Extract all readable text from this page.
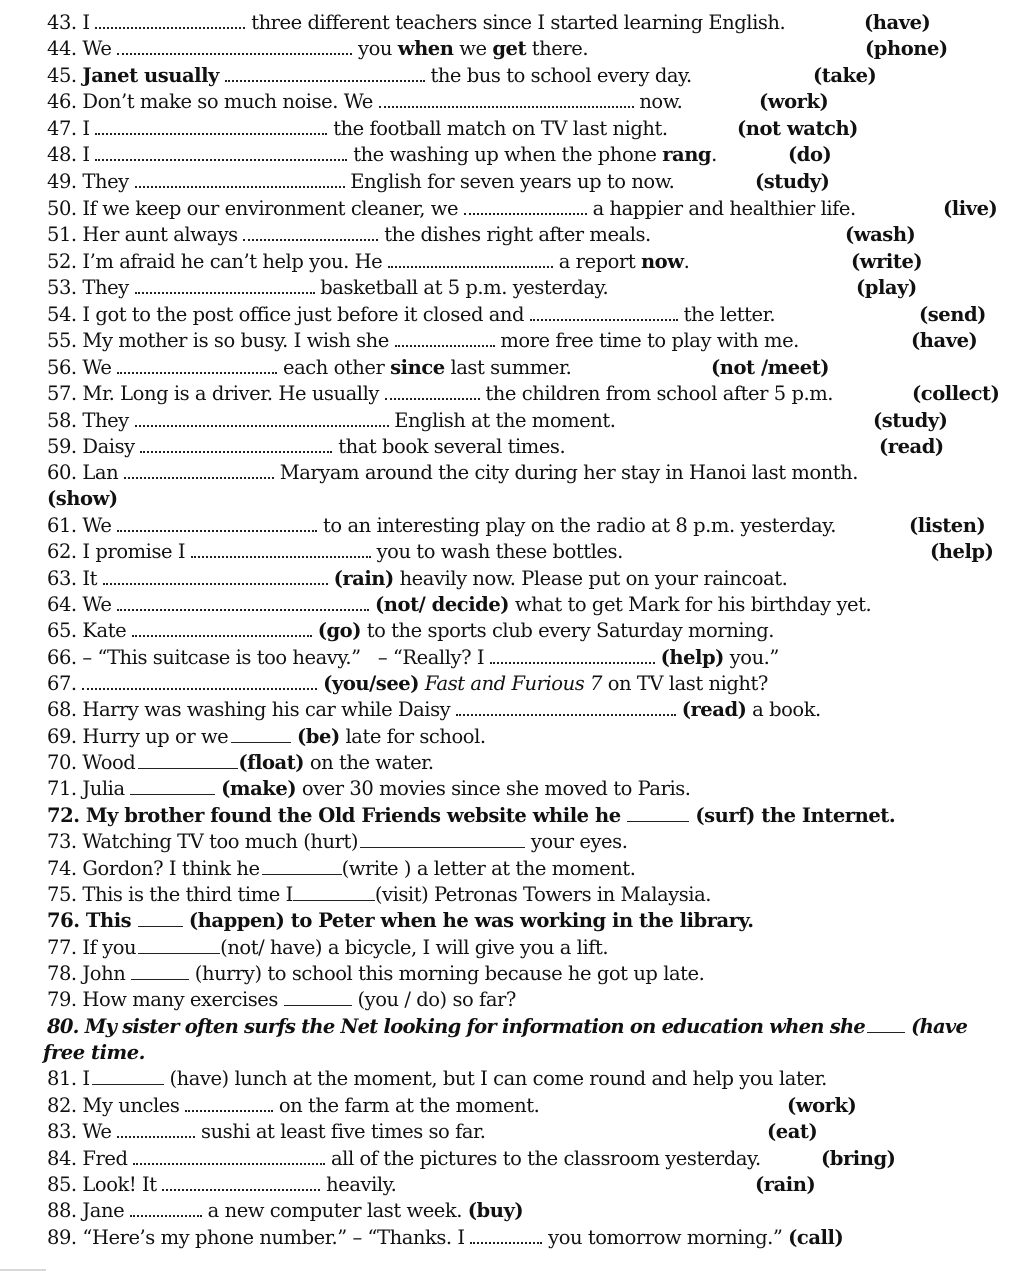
43. I	three different teachers since I started learning English.	(have)
44. We	you when we get there.	(phone)
45. Janet usually	the bus to school every day.	(take)
46. Don’t make so much noise. We	now.	(work)
47. I	the football match on TV last night.	(not watch)
48. I	the washing up when the phone rang.	(do)
49. They	English for seven years up to now.	(study)
50. If we keep our environment cleaner, we	a happier and healthier life.	(live)
51. Her aunt always	the dishes right after meals.	(wash)
52. I’m afraid he can’t help you. He	a report now.	(write)
53. They	basketball at 5 p.m. yesterday.	(play)
54. I got to the post office just before it closed and	the letter.	(send)
55. My mother is so busy. I wish she	more free time to play with me.	(have)
56. We	each other since last summer.	(not /meet)
57. Mr. Long is a driver. He usually	the children from school after 5 p.m.	(collect)
58. They	English at the moment.	(study)
59. Daisy	that book several times.	(read)
60. Lan	Maryam around the city during her stay in Hanoi last month.
(show)
61. We	to an interesting play on the radio at 8 p.m. yesterday.	(listen)
62. I promise I	you to wash these bottles.	(help)
63. It	(rain) heavily now. Please put on your raincoat.
64. We	(not/ decide) what to get Mark for his birthday yet.
65. Kate	(go) to the sports club every Saturday morning.
66. – “This suitcase is too heavy.”   – “Really? I	(help) you.”
67.	(you/see) Fast and Furious 7 on TV last night?
68. Harry was washing his car while Daisy	(read) a book.
69. Hurry up or we	(be) late for school.
70. Wood	(float) on the water.
71. Julia	(make) over 30 movies since she moved to Paris.
72. My brother found the Old Friends website while he	(surf) the Internet.
73. Watching TV too much (hurt)	your eyes.
74. Gordon? I think he	(write ) a letter at the moment.
75. This is the third time I	(visit) Petronas Towers in Malaysia.
76. This	(happen) to Peter when he was working in the library.
77. If you	(not/ have) a bicycle, I will give you a lift.
78. John	(hurry) to school this morning because he got up late.
79. How many exercises	(you / do) so far?
80. My sister often surfs the Net looking for information on education when she (have
free time.
81. I	(have) lunch at the moment, but I can come round and help you later.
82. My uncles	on the farm at the moment.	(work)
83. We	sushi at least five times so far.	(eat)
84. Fred	all of the pictures to the classroom yesterday.	(bring)
85. Look! It	heavily.	(rain)
88. Jane	a new computer last week. (buy)
89. “Here’s my phone number.” – “Thanks. I	you tomorrow morning.” (call)
